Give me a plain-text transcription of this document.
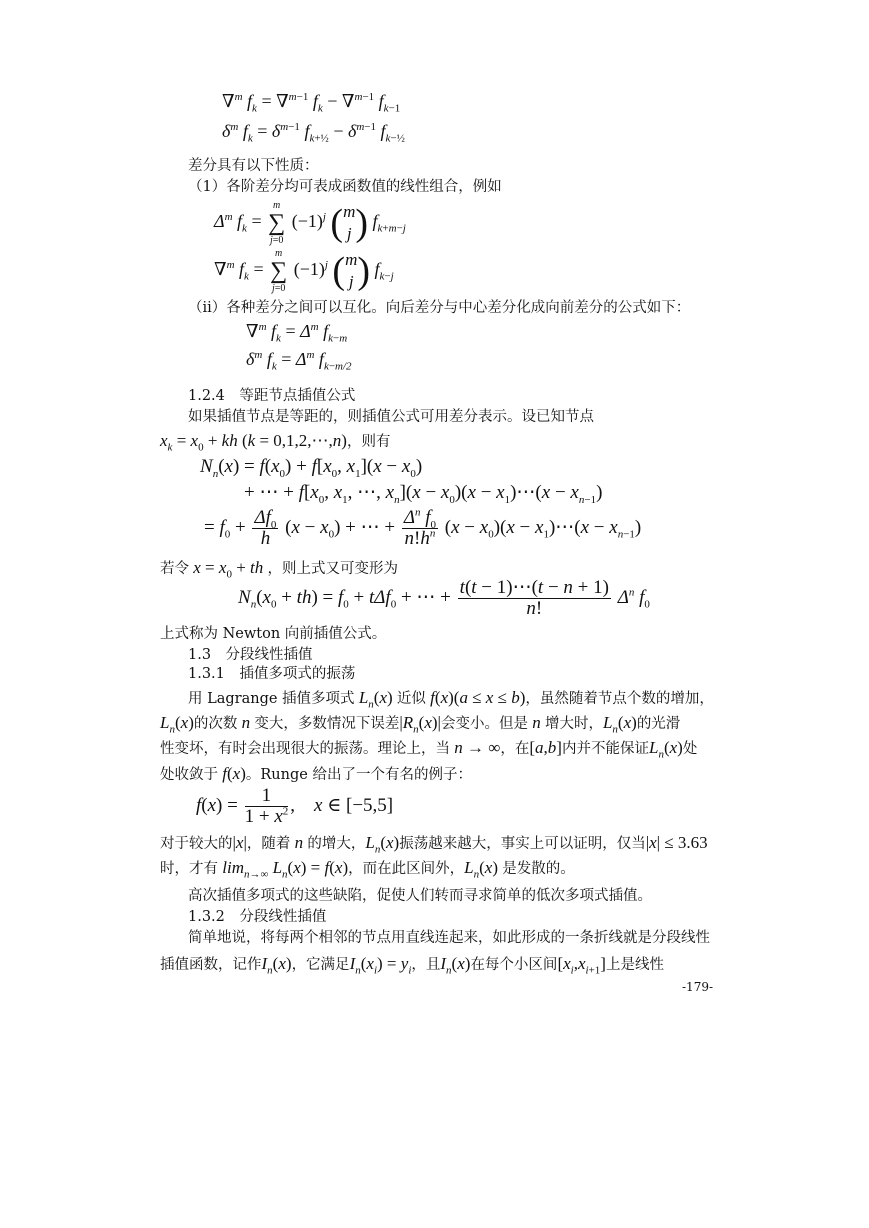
∇$^m$ $f_k = \nabla^{m-1}$ $f_k - \nabla^{m-1}$ $f_{k-1}$
$\delta^m$ $f_k = \delta^{m-1}$ $f_{k+\frac{1}{2}} - \delta^{m-1}$ $f_{k-\frac{1}{2}}$
差分具有以下性质：
（1）各阶差分均可表成函数值的线性组合，例如
$\Delta^m$ $f_k$ =
m
∑
j=0
$(-1)^j$ (m
j) $f_{k+m-j}$
∇$^m$ $f_k$ =
m
∑
j=0
$(-1)^j$ (m
j) $f_{k-j}$
（ii）各种差分之间可以互化。向后差分与中心差分化成向前差分的公式如下：
∇$^m$ $f_k = \Delta^m$ $f_{k-m}$
$\delta^m$ $f_k = \Delta^m$ $f_{k-m/2}$
1.2.4　等距节点插值公式
如果插值节点是等距的，则插值公式可用差分表示。设已知节点
$x_k = x_0$ + kh (k = 0,1,2,⋯,n)，则有
$N_n(x) = f(x_0) + f[x_0$, $x_1](x - x_0)$
+ ⋯ + $f[x_0$, $x_1$, ⋯, $x_n](x - x_0)(x$ − $x_1)\cdots(x - x_{n-1})$
= $f_0 + \frac{\Delta f_0}{h} (x - x_0)$ + ⋯ + $\frac{\Delta^n f_0}{n!h^n} (x - x_0)(x$ − $x_1)\cdots(x - x_{n-1})$
若令 $x = x_0$ + th ，则上式又可变形为
$N_n(x_0 + th) = f_0 + t\Delta f_0$ + ⋯ + $\frac{t(t - 1)\cdots(t - n + 1)}{n!} \Delta^n$ $f_0$
上式称为 Newton 向前插值公式。
1.3　分段线性插值
1.3.1　插值多项式的振荡
用 Lagrange 插值多项式 $L_n(x)$ 近似 f(x)(a ≤ x ≤ b)，虽然随着节点个数的增加，
$L_n(x)$的次数 n 变大，多数情况下误差$|R_n(x)|$会变小。但是 n 增大时，$L_n(x)$的光滑
性变坏，有时会出现很大的振荡。理论上，当 n → ∞，在[a,b]内并不能保证$L_n(x)$处
处收敛于 f(x)。Runge 给出了一个有名的例子：
$f(x) = \frac{1}{1 + x^2}$ , x ∈ [−5,5]
对于较大的|x|，随着 n 的增大，$L_n(x)$振荡越来越大，事实上可以证明，仅当|x| ≤ 3.63
时，才有 $\lim_{n\to\infty} L_n(x) = f(x)$，而在此区间外，$L_n(x)$ 是发散的。
高次插值多项式的这些缺陷，促使人们转而寻求简单的低次多项式插值。
1.3.2　分段线性插值
简单地说，将每两个相邻的节点用直线连起来，如此形成的一条折线就是分段线性
插值函数，记作$I_n(x)$，它满足$I_n(x_i) = y_i$，且$I_n(x)$在每个小区间$[x_i,x_{i+1}]$上是线性
-179-
